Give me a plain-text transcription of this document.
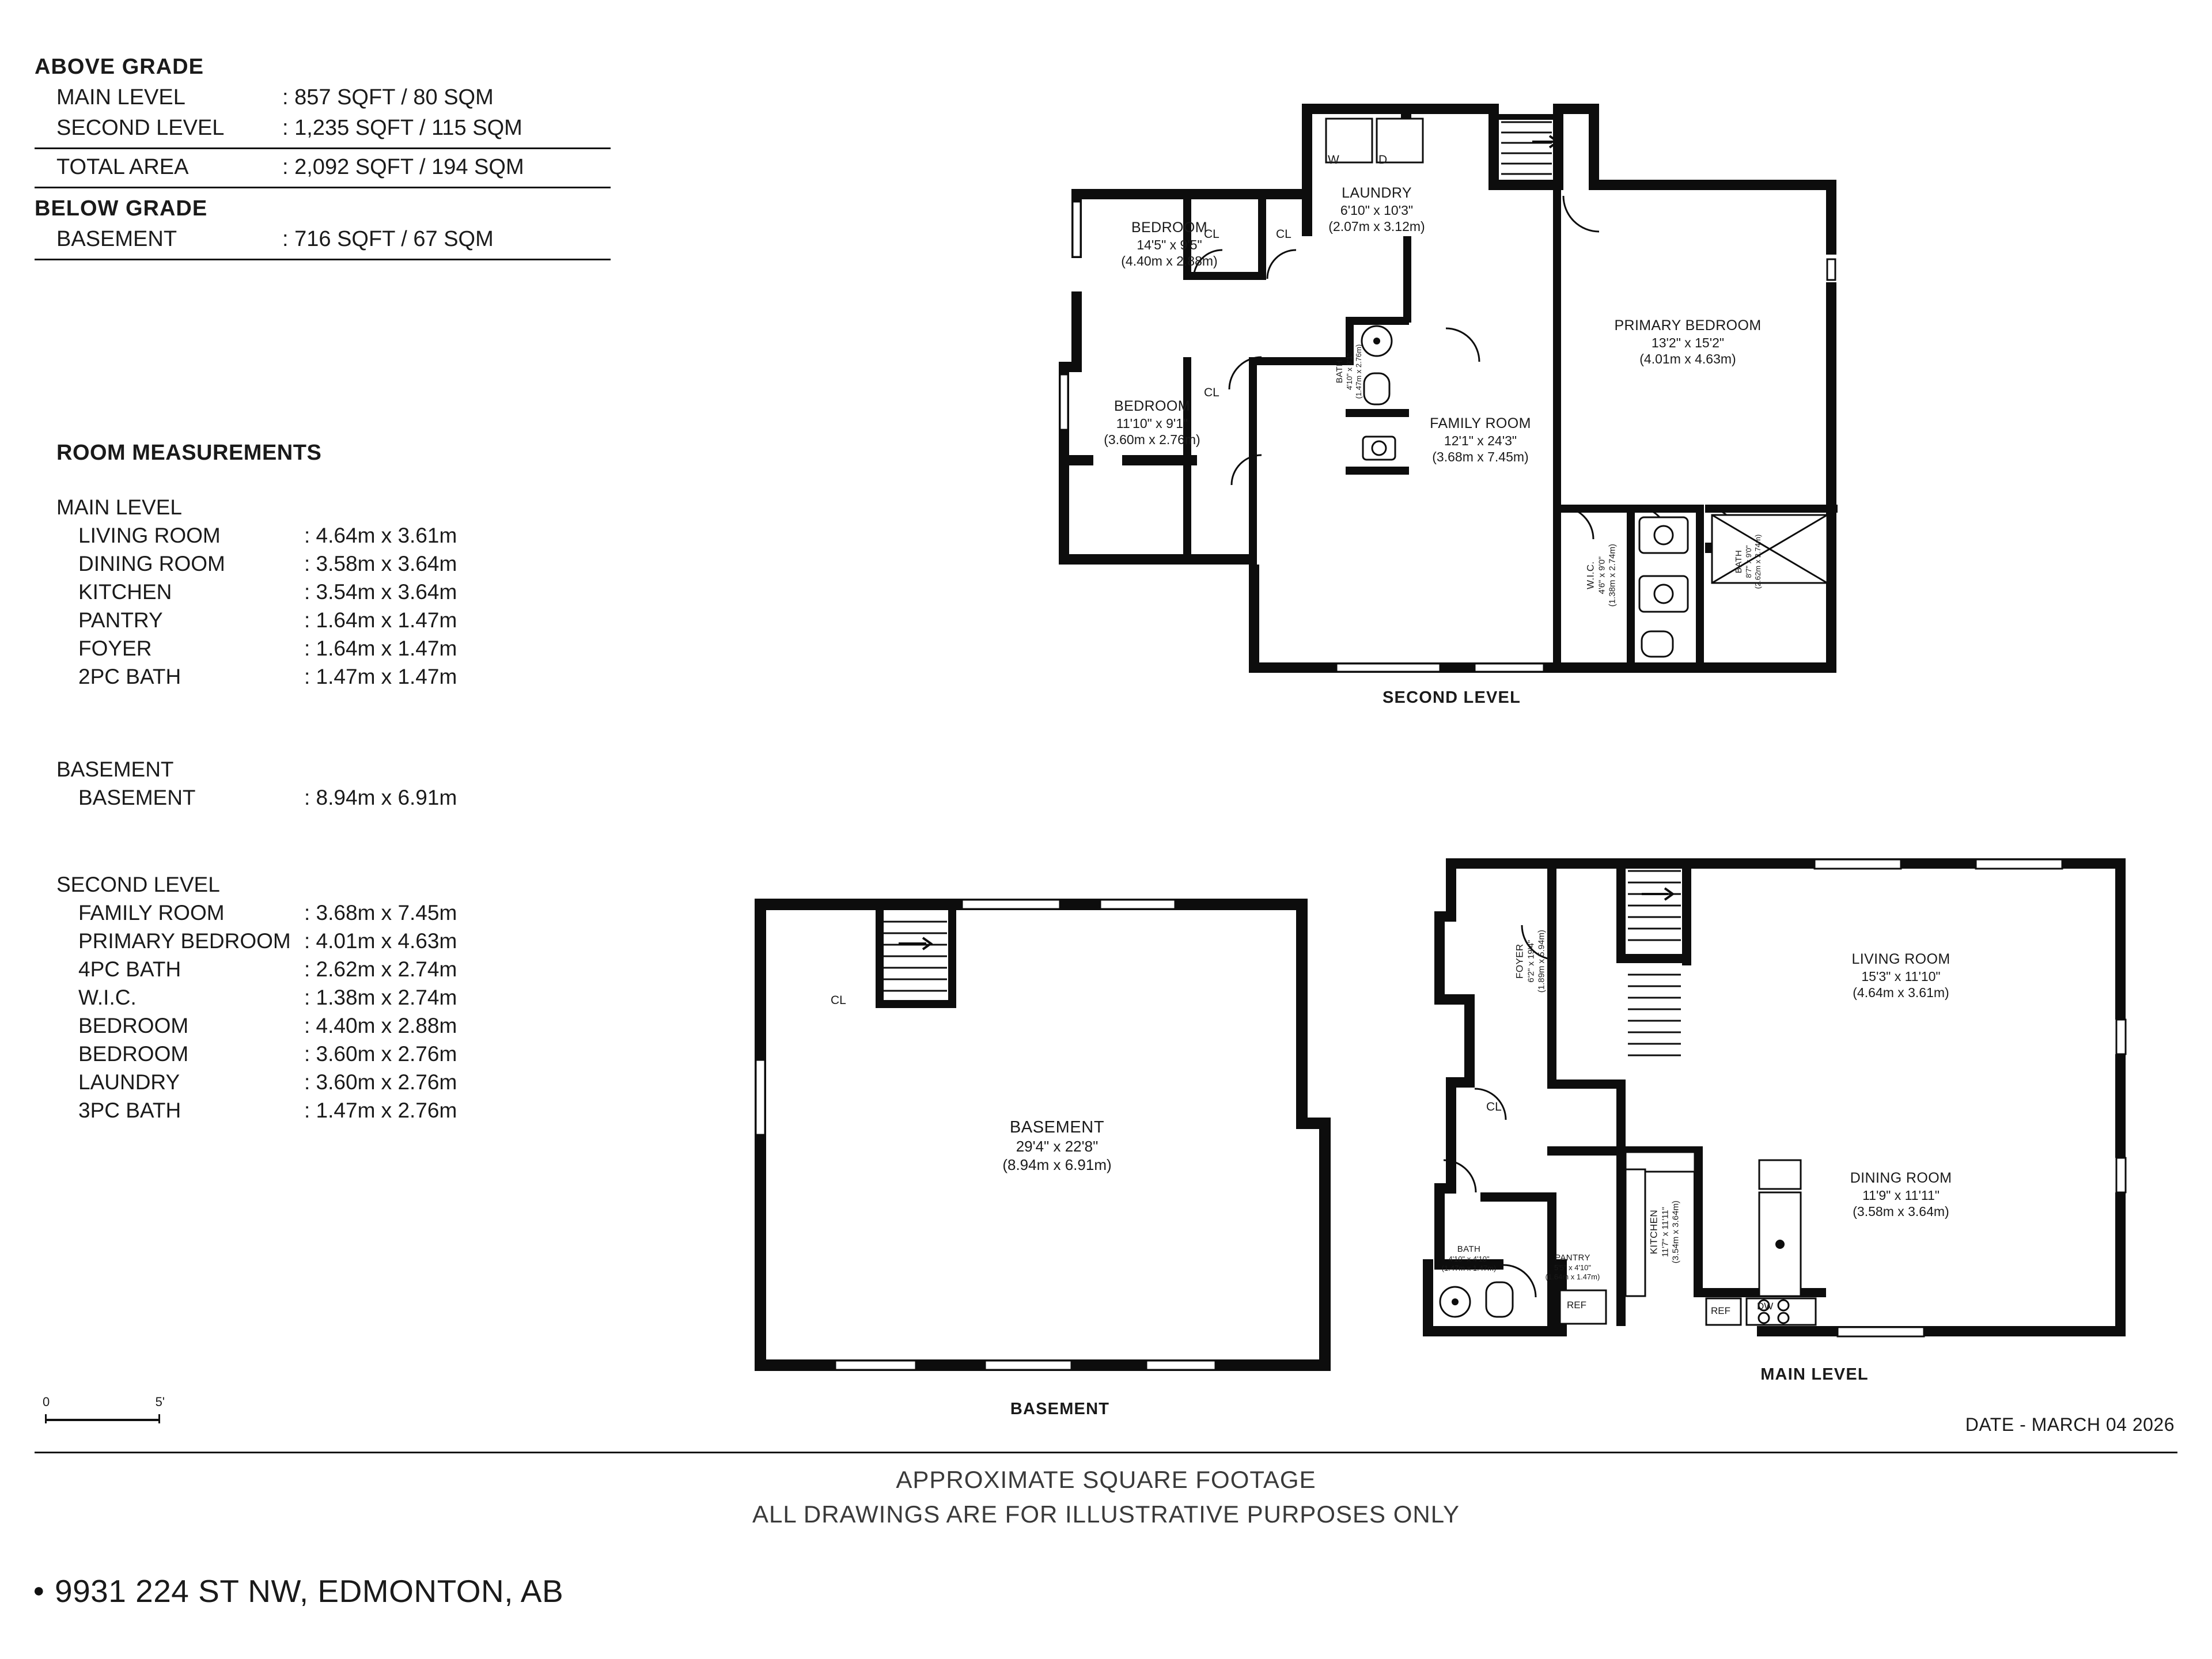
ABOVE GRADE
MAIN LEVEL	: 857 SQFT / 80 SQM
SECOND LEVEL	: 1,235 SQFT / 115 SQM
TOTAL AREA	: 2,092 SQFT / 194 SQM
BELOW GRADE
BASEMENT	: 716 SQFT / 67 SQM
ROOM MEASUREMENTS
MAIN LEVEL
LIVING ROOM	: 4.64m x 3.61m
DINING ROOM	: 3.58m x 3.64m
KITCHEN	: 3.54m x 3.64m
PANTRY	: 1.64m x 1.47m
FOYER	: 1.64m x 1.47m
2PC BATH	: 1.47m x 1.47m
BASEMENT
BASEMENT	: 8.94m x 6.91m
SECOND LEVEL
FAMILY ROOM	: 3.68m x 7.45m
PRIMARY BEDROOM : 4.01m x 4.63m
4PC BATH	: 2.62m x 2.74m
W.I.C.	: 1.38m x 2.74m
BEDROOM	: 4.40m x 2.88m
BEDROOM	: 3.60m x 2.76m
LAUNDRY	: 3.60m x 2.76m
3PC BATH	: 1.47m x 2.76m
0	5'
W	D
LAUNDRY
6'10" x 10'3"
(2.07m x 3.12m)
BEDROOM
14'5" x 9'5"
(4.40m x 2.88m)
BEDROOM
11'10" x 9'1"
(3.60m x 2.76m)
FAMILY ROOM
12'1" x 24'3"
(3.68m x 7.45m)
PRIMARY BEDROOM
13'2" x 15'2"
(4.01m x 4.63m)
BATH 4'10" x 9'1" (1.47m x 2.76m)
W.I.C. 4'6" x 9'0" (1.38m x 2.74m)	BATH 8'7" x 9'0" (2.62m x 2.74m)
CL	CL
CL
SECOND LEVEL
CL
BASEMENT
29'4" x 22'8"
(8.94m x 6.91m)
BASEMENT
DW
REF
REF
CL
FOYER 6'2" x 19'4" (1.89m x 5.94m)	LIVING ROOM
15'3" x 11'10"
(4.64m x 3.61m)
DINING ROOM
11'9" x 11'11"
(3.58m x 3.64m)
KITCHEN 11'7" x 11'11" (3.54m x 3.64m)
PANTRY
5'5" x 4'10"
(1.64m x 1.47m)
BATH
4'10" x 4'10"
(1.47m x 1.47m)
MAIN LEVEL
DATE - MARCH 04 2026
APPROXIMATE SQUARE FOOTAGE
ALL DRAWINGS ARE FOR ILLUSTRATIVE PURPOSES ONLY
● 9931 224 ST NW, EDMONTON, AB
